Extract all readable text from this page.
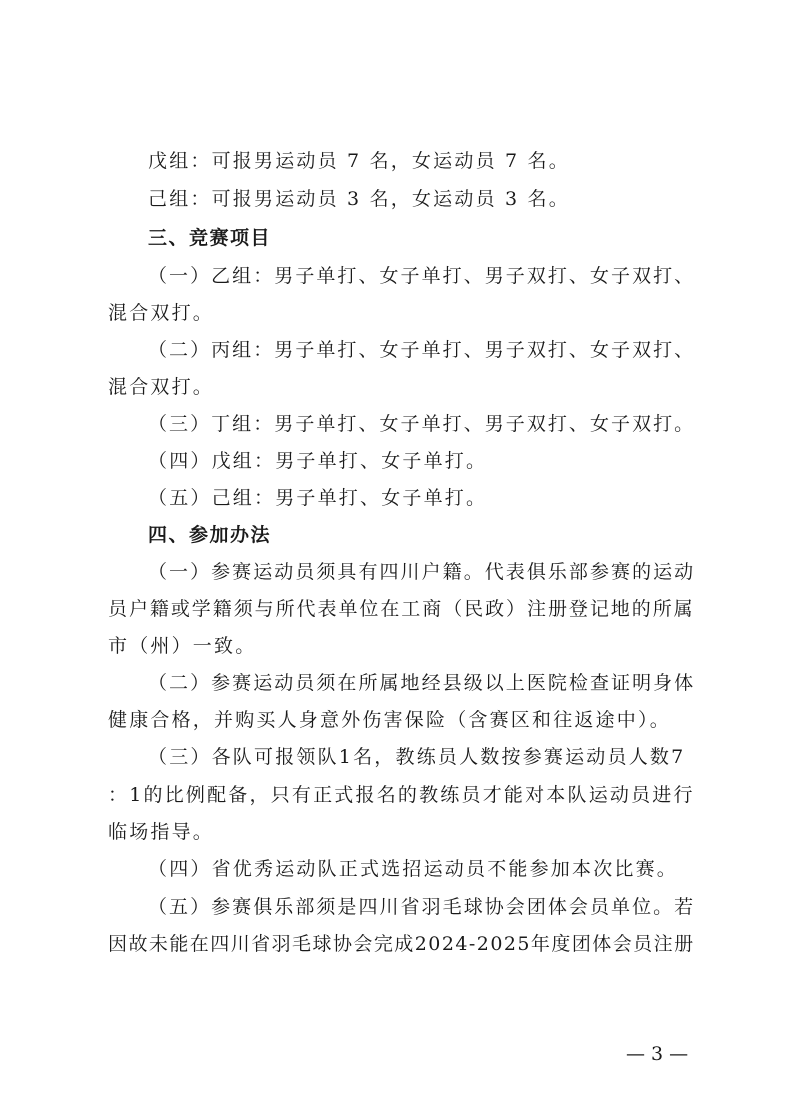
戊组：可报男运动员 7 名，女运动员 7 名。
己组：可报男运动员 3 名，女运动员 3 名。
三、竞赛项目
（一）乙组：男子单打、女子单打、男子双打、女子双打、
混合双打。
（二）丙组：男子单打、女子单打、男子双打、女子双打、
混合双打。
（三）丁组：男子单打、女子单打、男子双打、女子双打。
（四）戊组：男子单打、女子单打。
（五）己组：男子单打、女子单打。
四、参加办法
（一）参赛运动员须具有四川户籍。代表俱乐部参赛的运动
员户籍或学籍须与所代表单位在工商（民政）注册登记地的所属
市（州）一致。
（二）参赛运动员须在所属地经县级以上医院检查证明身体
健康合格，并购买人身意外伤害保险（含赛区和往返途中）。
（三）各队可报领队1名，教练员人数按参赛运动员人数7
：1的比例配备，只有正式报名的教练员才能对本队运动员进行
临场指导。
（四）省优秀运动队正式选招运动员不能参加本次比赛。
（五）参赛俱乐部须是四川省羽毛球协会团体会员单位。若
因故未能在四川省羽毛球协会完成2024-2025年度团体会员注册
— 3 —
